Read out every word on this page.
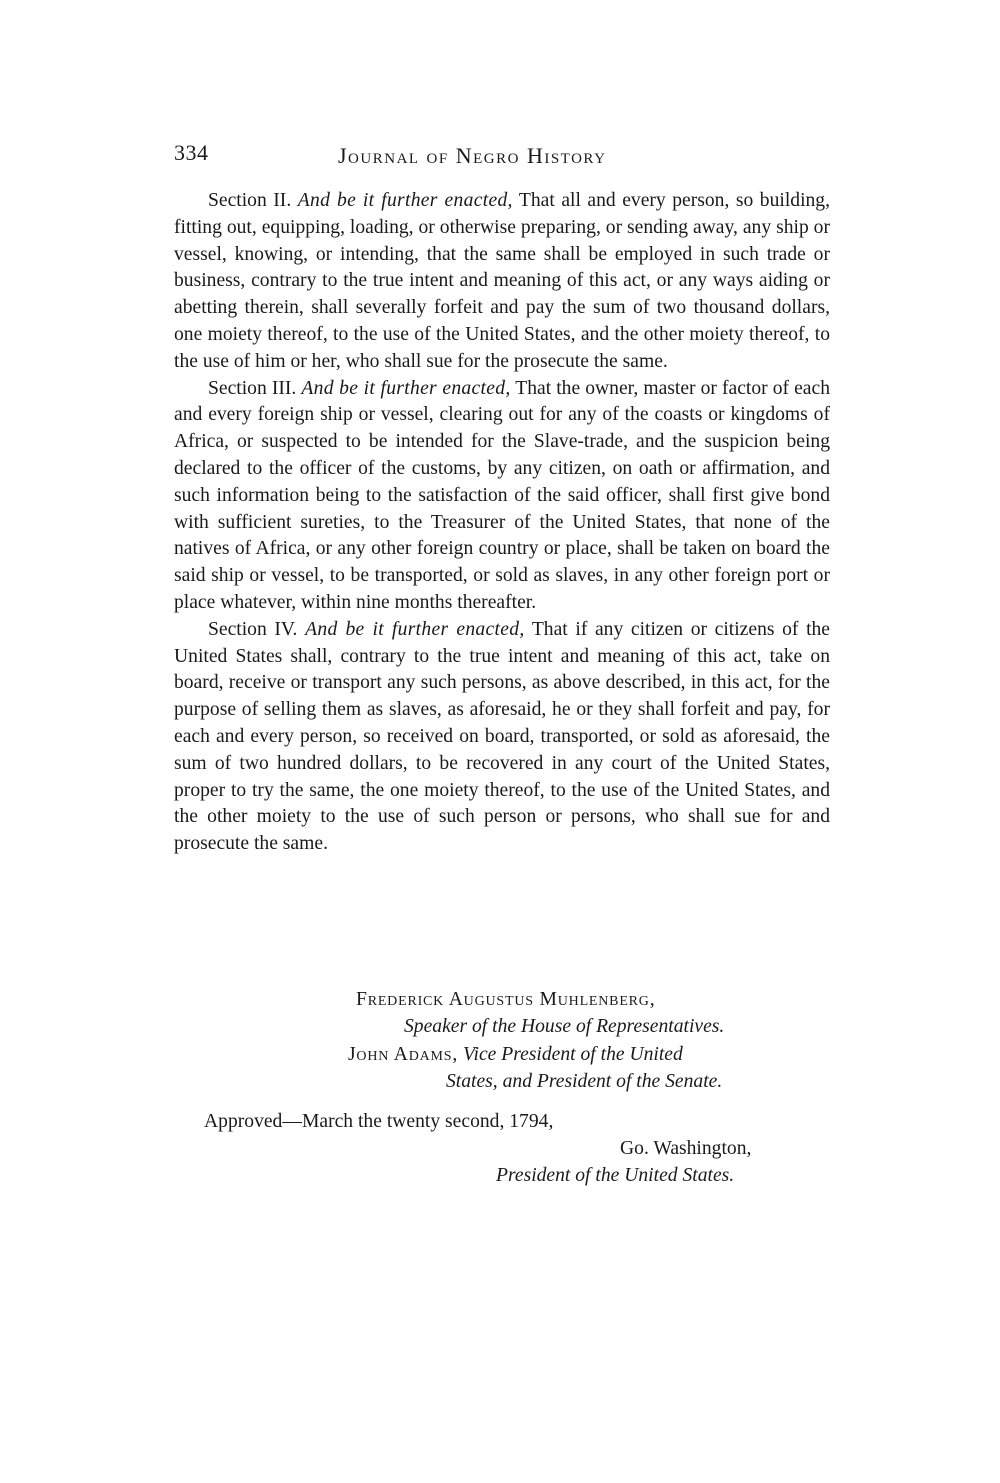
334	Journal of Negro History

Section II. And be it further enacted, That all and every person, so building, fitting out, equipping, loading, or otherwise preparing, or sending away, any ship or vessel, knowing, or intending, that the same shall be employed in such trade or business, contrary to the true intent and meaning of this act, or any ways aiding or abetting therein, shall severally forfeit and pay the sum of two thousand dollars, one moiety thereof, to the use of the United States, and the other moiety thereof, to the use of him or her, who shall sue for the prosecute the same.

Section III. And be it further enacted, That the owner, master or factor of each and every foreign ship or vessel, clearing out for any of the coasts or kingdoms of Africa, or suspected to be intended for the Slave-trade, and the suspicion being declared to the officer of the customs, by any citizen, on oath or affirmation, and such information being to the satisfaction of the said officer, shall first give bond with sufficient sureties, to the Treasurer of the United States, that none of the natives of Africa, or any other foreign country or place, shall be taken on board the said ship or vessel, to be transported, or sold as slaves, in any other foreign port or place whatever, within nine months thereafter.

Section IV. And be it further enacted, That if any citizen or citizens of the United States shall, contrary to the true intent and meaning of this act, take on board, receive or transport any such persons, as above described, in this act, for the purpose of selling them as slaves, as aforesaid, he or they shall forfeit and pay, for each and every person, so received on board, transported, or sold as aforesaid, the sum of two hundred dollars, to be recovered in any court of the United States, proper to try the same, the one moiety thereof, to the use of the United States, and the other moiety to the use of such person or persons, who shall sue for and prosecute the same.

Frederick Augustus Muhlenberg,
Speaker of the House of Representatives.
John Adams, Vice President of the United
States, and President of the Senate.
Approved—March the twenty second, 1794,
Go. Washington,
President of the United States.
